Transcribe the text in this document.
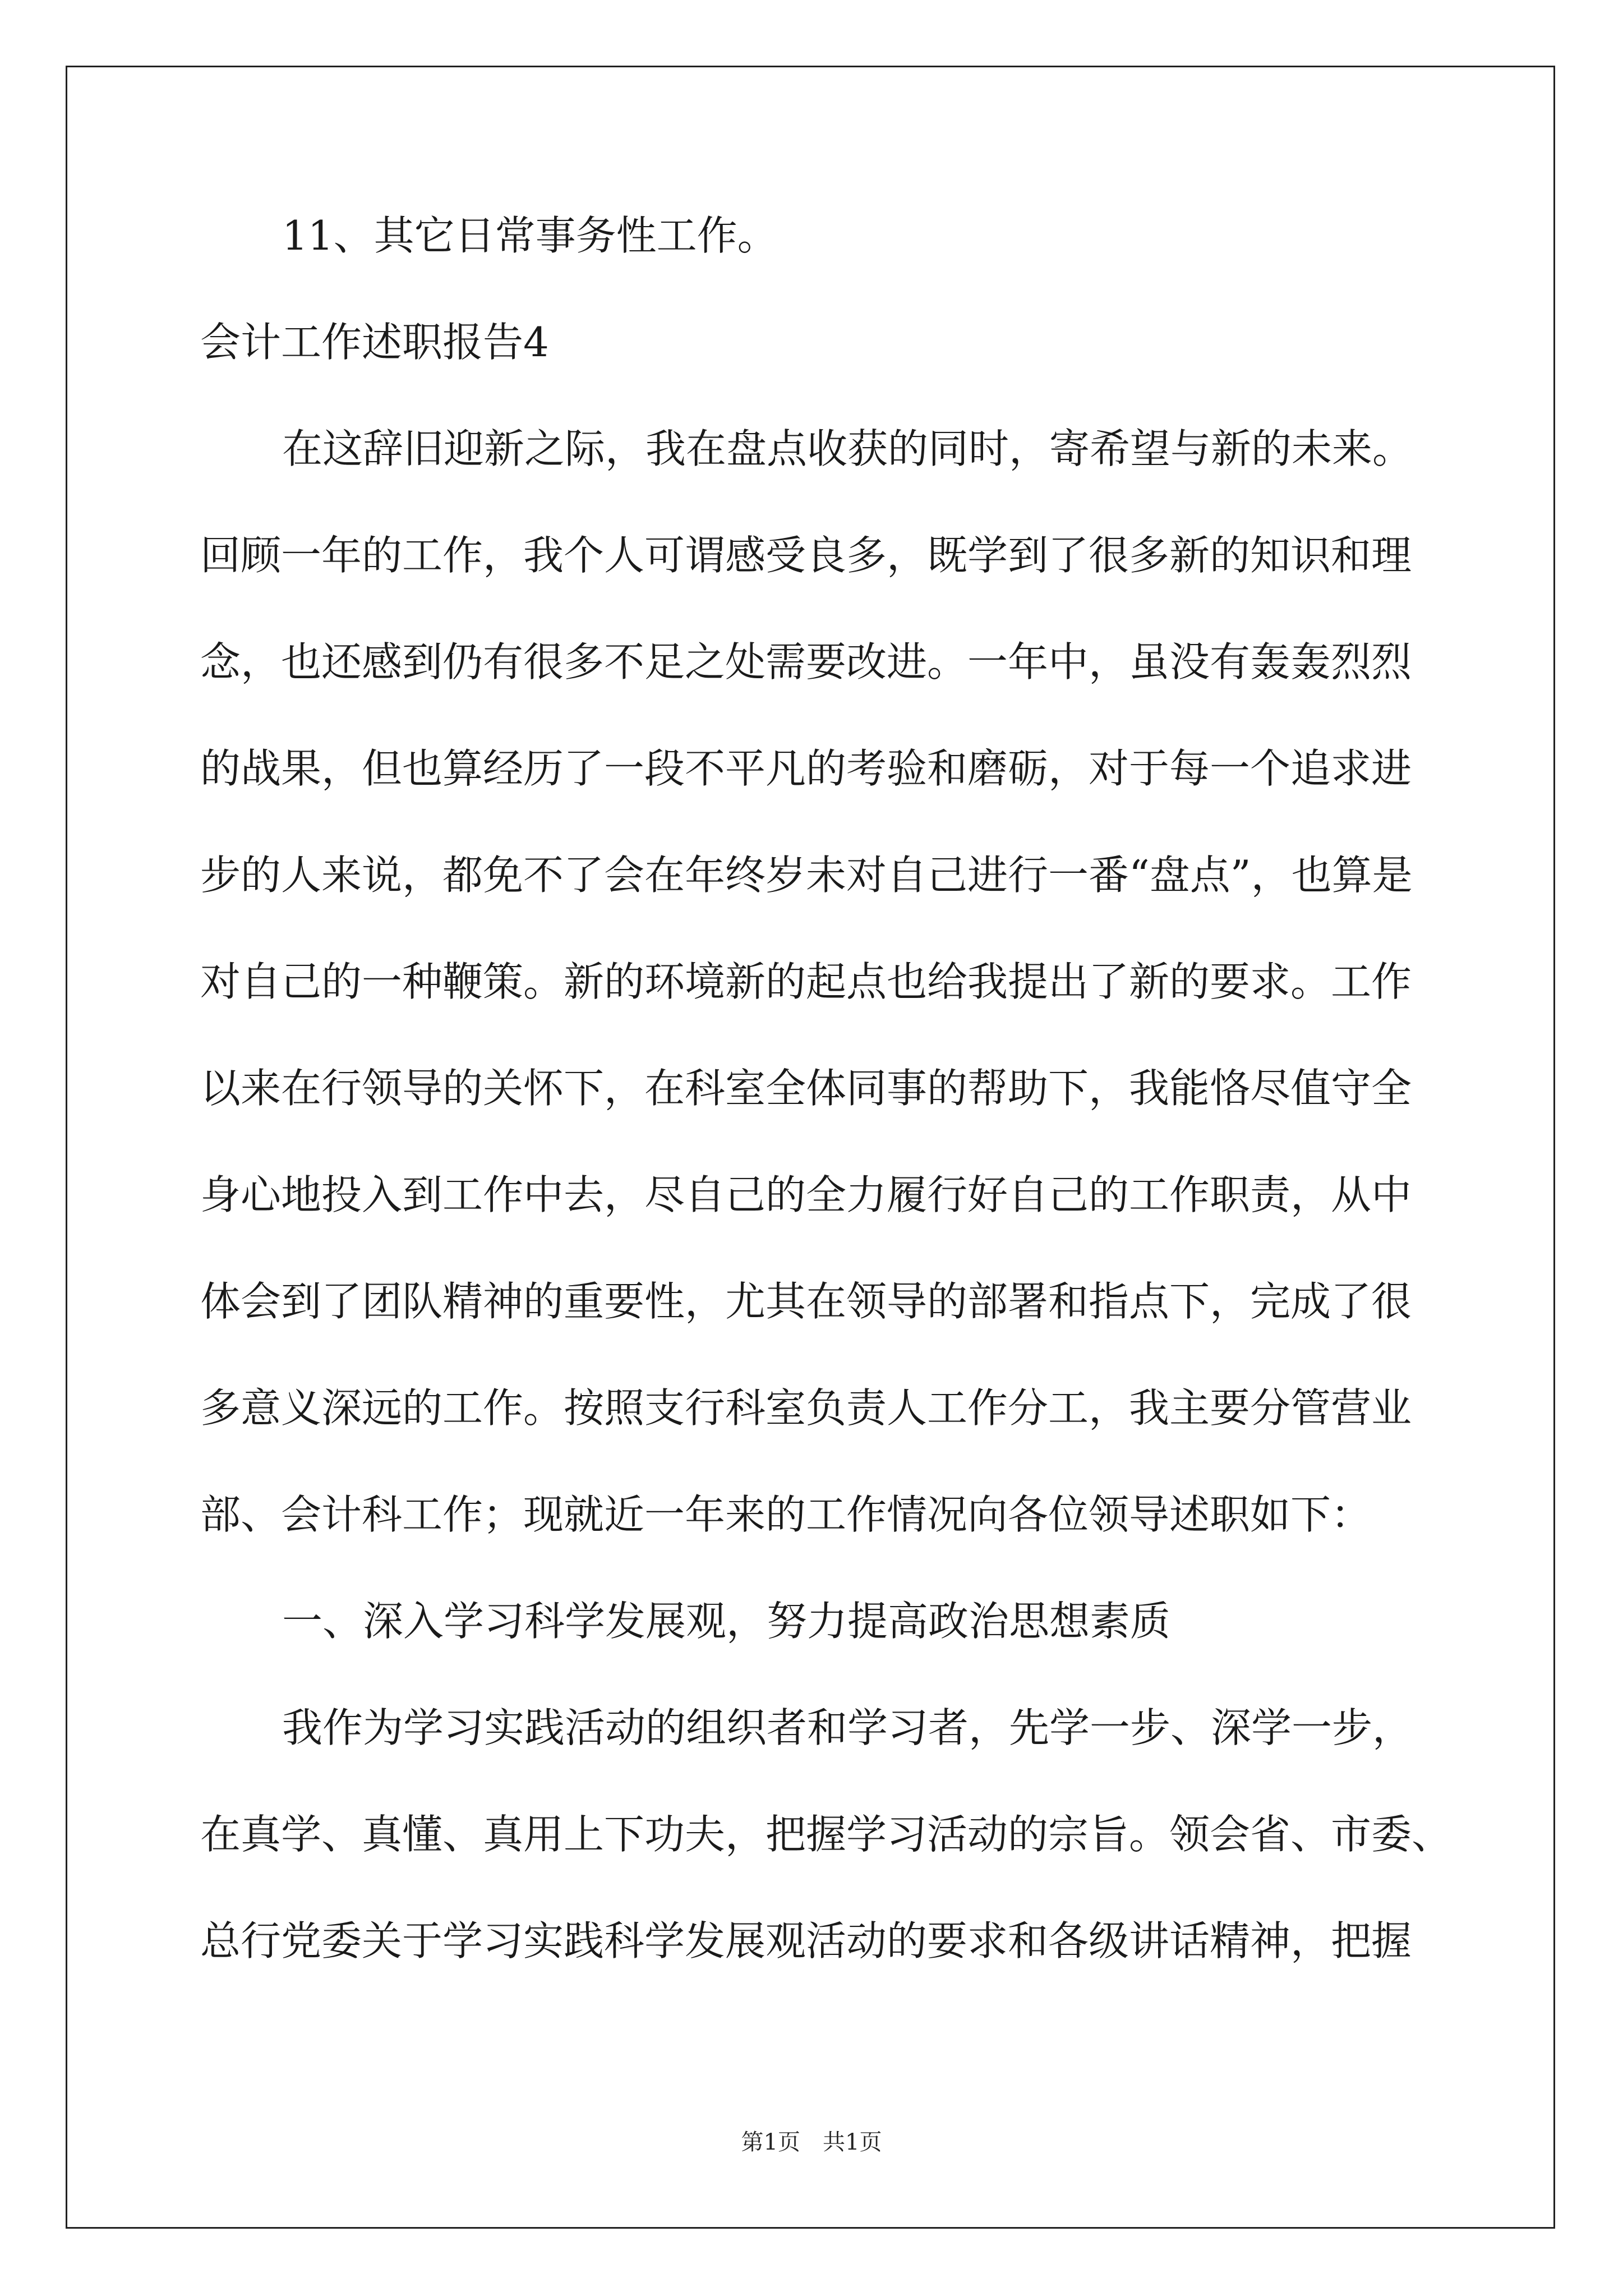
11、其它日常事务性工作。
会计工作述职报告4
在这辞旧迎新之际，我在盘点收获的同时，寄希望与新的未来。
回顾一年的工作，我个人可谓感受良多，既学到了很多新的知识和理
念，也还感到仍有很多不足之处需要改进。一年中，虽没有轰轰烈烈
的战果，但也算经历了一段不平凡的考验和磨砺，对于每一个追求进
步的人来说，都免不了会在年终岁未对自己进行一番“盘点”，也算是
对自己的一种鞭策。新的环境新的起点也给我提出了新的要求。工作
以来在行领导的关怀下，在科室全体同事的帮助下，我能恪尽值守全
身心地投入到工作中去，尽自己的全力履行好自己的工作职责，从中
体会到了团队精神的重要性，尤其在领导的部署和指点下，完成了很
多意义深远的工作。按照支行科室负责人工作分工，我主要分管营业
部、会计科工作；现就近一年来的工作情况向各位领导述职如下：
一、深入学习科学发展观，努力提高政治思想素质
我作为学习实践活动的组织者和学习者，先学一步、深学一步，
在真学、真懂、真用上下功夫，把握学习活动的宗旨。领会省、市委、
总行党委关于学习实践科学发展观活动的要求和各级讲话精神，把握
第1页　共1页
